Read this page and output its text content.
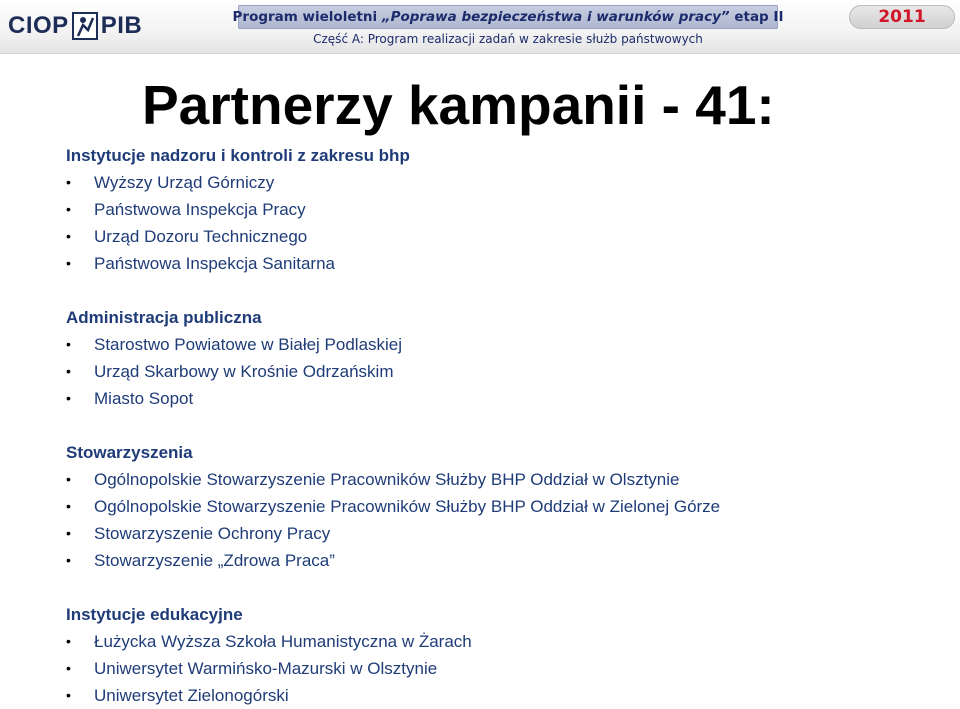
CIOP PIB	Program wieloletni „Poprawa bezpieczeństwa i warunków pracy” etap II
Część A: Program realizacji zadań w zakresie służb państwowych
2011
Partnerzy kampanii - 41:
Instytucje nadzoru i kontroli z zakresu bhp
• Wyższy Urząd Górniczy
• Państwowa Inspekcja Pracy
• Urząd Dozoru Technicznego
• Państwowa Inspekcja Sanitarna
Administracja publiczna
• Starostwo Powiatowe w Białej Podlaskiej
• Urząd Skarbowy w Krośnie Odrzańskim
• Miasto Sopot
Stowarzyszenia
• Ogólnopolskie Stowarzyszenie Pracowników Służby BHP Oddział w Olsztynie
• Ogólnopolskie Stowarzyszenie Pracowników Służby BHP Oddział w Zielonej Górze
• Stowarzyszenie Ochrony Pracy
• Stowarzyszenie „Zdrowa Praca”
Instytucje edukacyjne
• Łużycka Wyższa Szkoła Humanistyczna w Żarach
• Uniwersytet Warmińsko-Mazurski w Olsztynie
• Uniwersytet Zielonogórski
